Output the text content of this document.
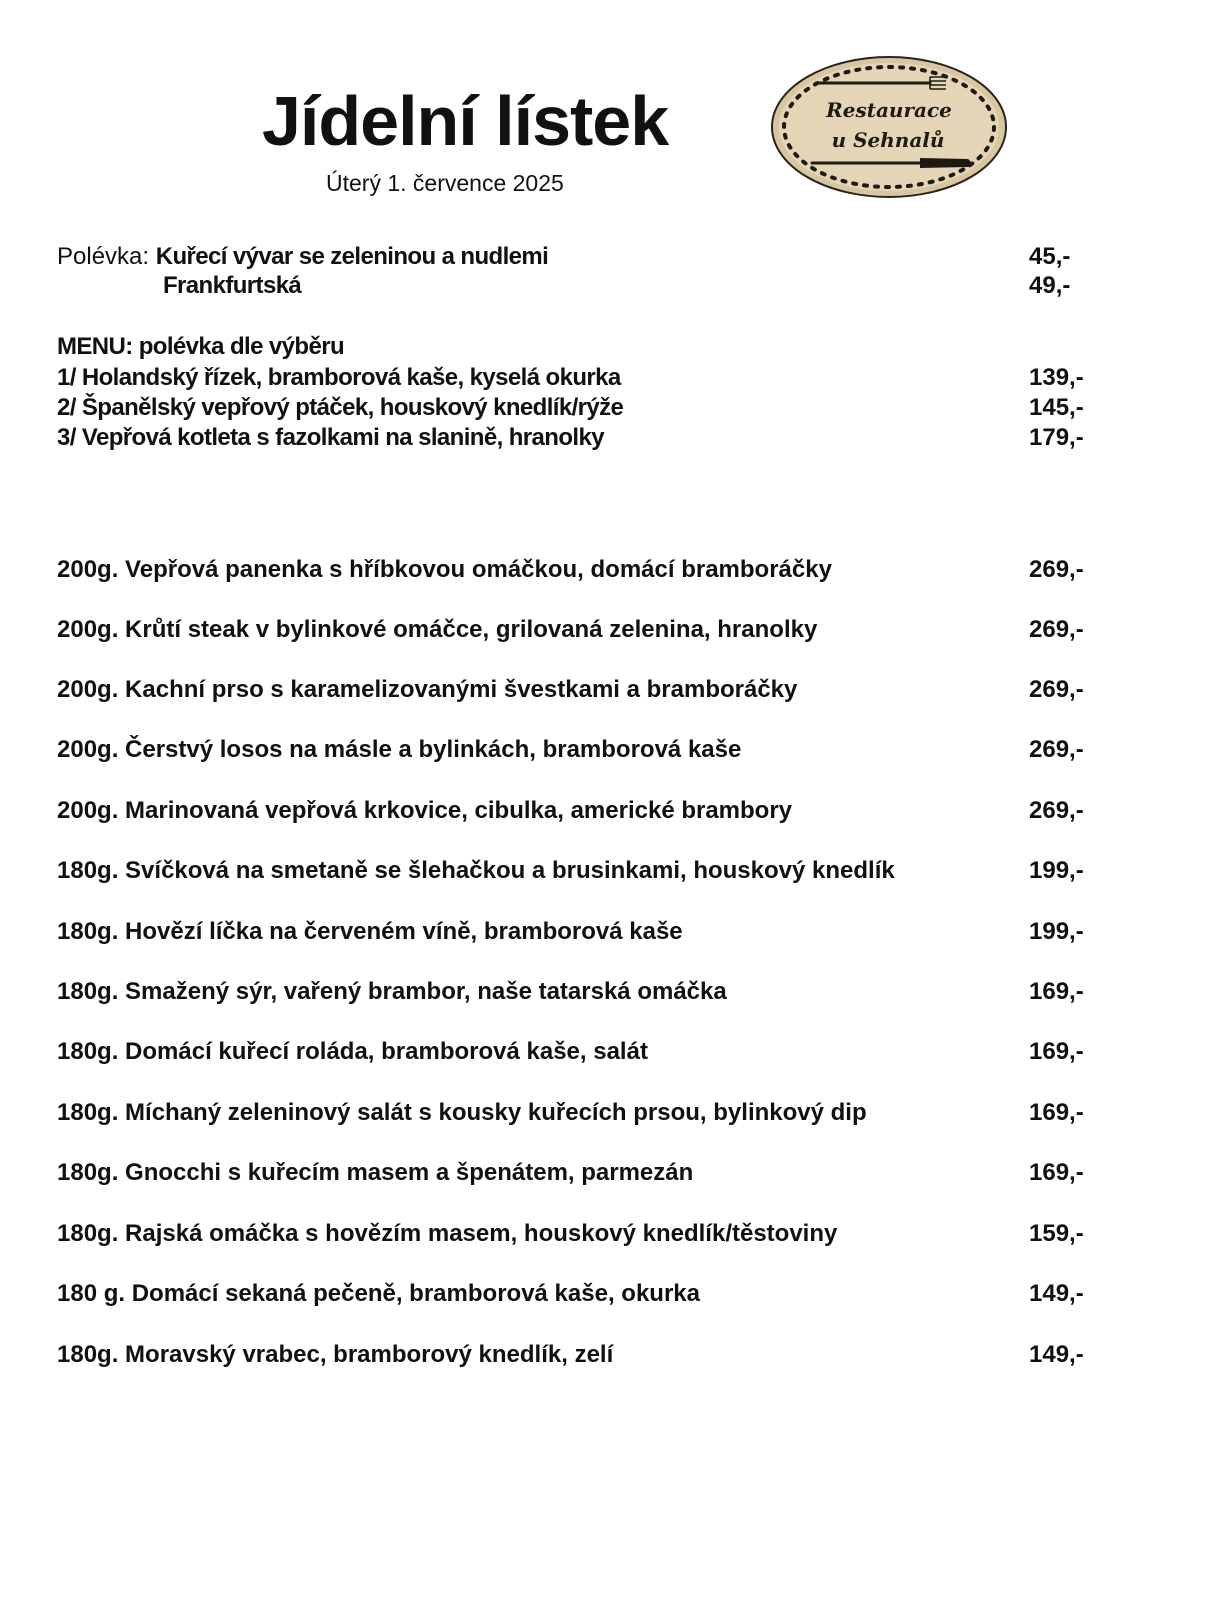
Jídelní lístek
Úterý 1. července 2025
Restaurace
u Sehnalů
Polévka: Kuřecí vývar se zeleninou a nudlemi	45,-
Frankfurtská	49,-
MENU: polévka dle výběru
1/ Holandský řízek, bramborová kaše, kyselá okurka	139,-
2/ Španělský vepřový ptáček, houskový knedlík/rýže	145,-
3/ Vepřová kotleta s fazolkami na slanině, hranolky	179,-
200g. Vepřová panenka s hříbkovou omáčkou, domácí bramboráčky	269,-
200g. Krůtí steak v bylinkové omáčce, grilovaná zelenina, hranolky	269,-
200g. Kachní prso s karamelizovanými švestkami a bramboráčky	269,-
200g. Čerstvý losos na másle a bylinkách, bramborová kaše	269,-
200g. Marinovaná vepřová krkovice, cibulka, americké brambory	269,-
180g. Svíčková na smetaně se šlehačkou a brusinkami, houskový knedlík	199,-
180g. Hovězí líčka na červeném víně, bramborová kaše	199,-
180g. Smažený sýr, vařený brambor, naše tatarská omáčka	169,-
180g. Domácí kuřecí roláda, bramborová kaše, salát	169,-
180g. Míchaný zeleninový salát s kousky kuřecích prsou, bylinkový dip	169,-
180g. Gnocchi s kuřecím masem a špenátem, parmezán	169,-
180g. Rajská omáčka s hovězím masem, houskový knedlík/těstoviny	159,-
180 g. Domácí sekaná pečeně, bramborová kaše, okurka	149,-
180g. Moravský vrabec, bramborový knedlík, zelí	149,-
